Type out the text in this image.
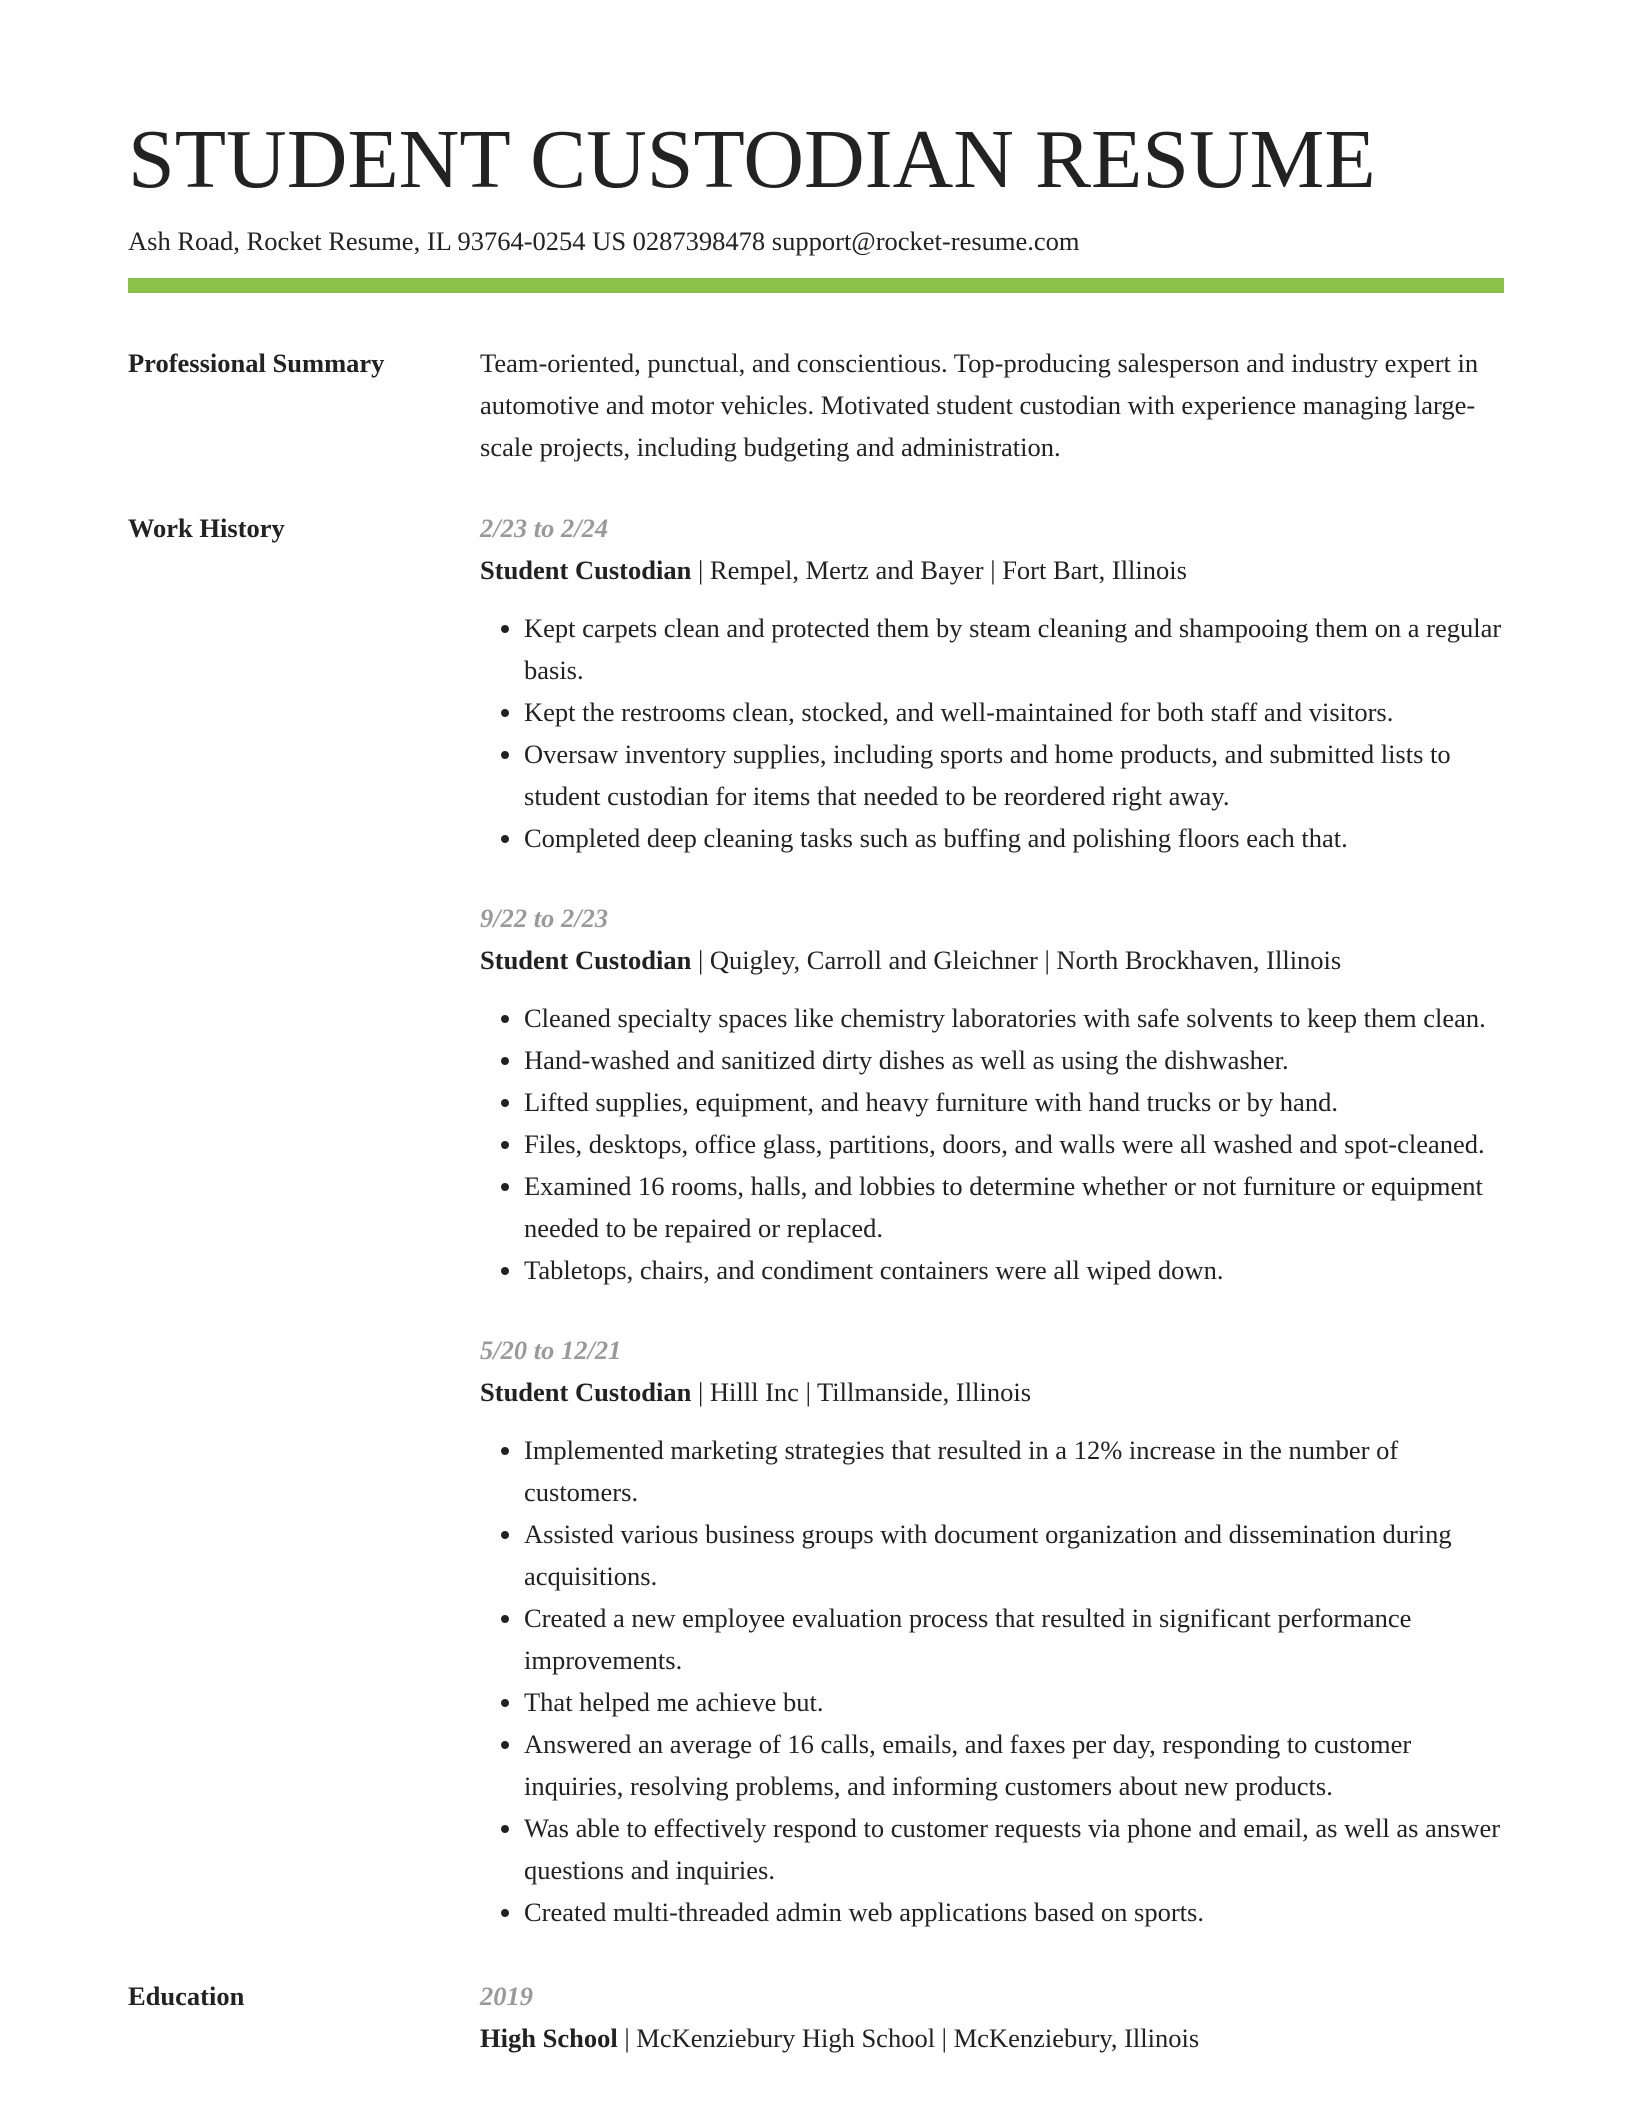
STUDENT CUSTODIAN RESUME
Ash Road, Rocket Resume, IL 93764-0254 US 0287398478 support@rocket-resume.com
Professional Summary	Team-oriented, punctual, and conscientious. Top-producing salesperson and industry expert in automotive and motor vehicles. Motivated student custodian with experience managing large-scale projects, including budgeting and administration.
Work History	2/23 to 2/24
Student Custodian | Rempel, Mertz and Bayer | Fort Bart, Illinois
• Kept carpets clean and protected them by steam cleaning and shampooing them on a regular basis.
• Kept the restrooms clean, stocked, and well-maintained for both staff and visitors.
• Oversaw inventory supplies, including sports and home products, and submitted lists to student custodian for items that needed to be reordered right away.
• Completed deep cleaning tasks such as buffing and polishing floors each that.
9/22 to 2/23
Student Custodian | Quigley, Carroll and Gleichner | North Brockhaven, Illinois
• Cleaned specialty spaces like chemistry laboratories with safe solvents to keep them clean.
• Hand-washed and sanitized dirty dishes as well as using the dishwasher.
• Lifted supplies, equipment, and heavy furniture with hand trucks or by hand.
• Files, desktops, office glass, partitions, doors, and walls were all washed and spot-cleaned.
• Examined 16 rooms, halls, and lobbies to determine whether or not furniture or equipment needed to be repaired or replaced.
• Tabletops, chairs, and condiment containers were all wiped down.
5/20 to 12/21
Student Custodian | Hilll Inc | Tillmanside, Illinois
• Implemented marketing strategies that resulted in a 12% increase in the number of customers.
• Assisted various business groups with document organization and dissemination during acquisitions.
• Created a new employee evaluation process that resulted in significant performance improvements.
• That helped me achieve but.
• Answered an average of 16 calls, emails, and faxes per day, responding to customer inquiries, resolving problems, and informing customers about new products.
• Was able to effectively respond to customer requests via phone and email, as well as answer questions and inquiries.
• Created multi-threaded admin web applications based on sports.
Education	2019
High School | McKenziebury High School | McKenziebury, Illinois
